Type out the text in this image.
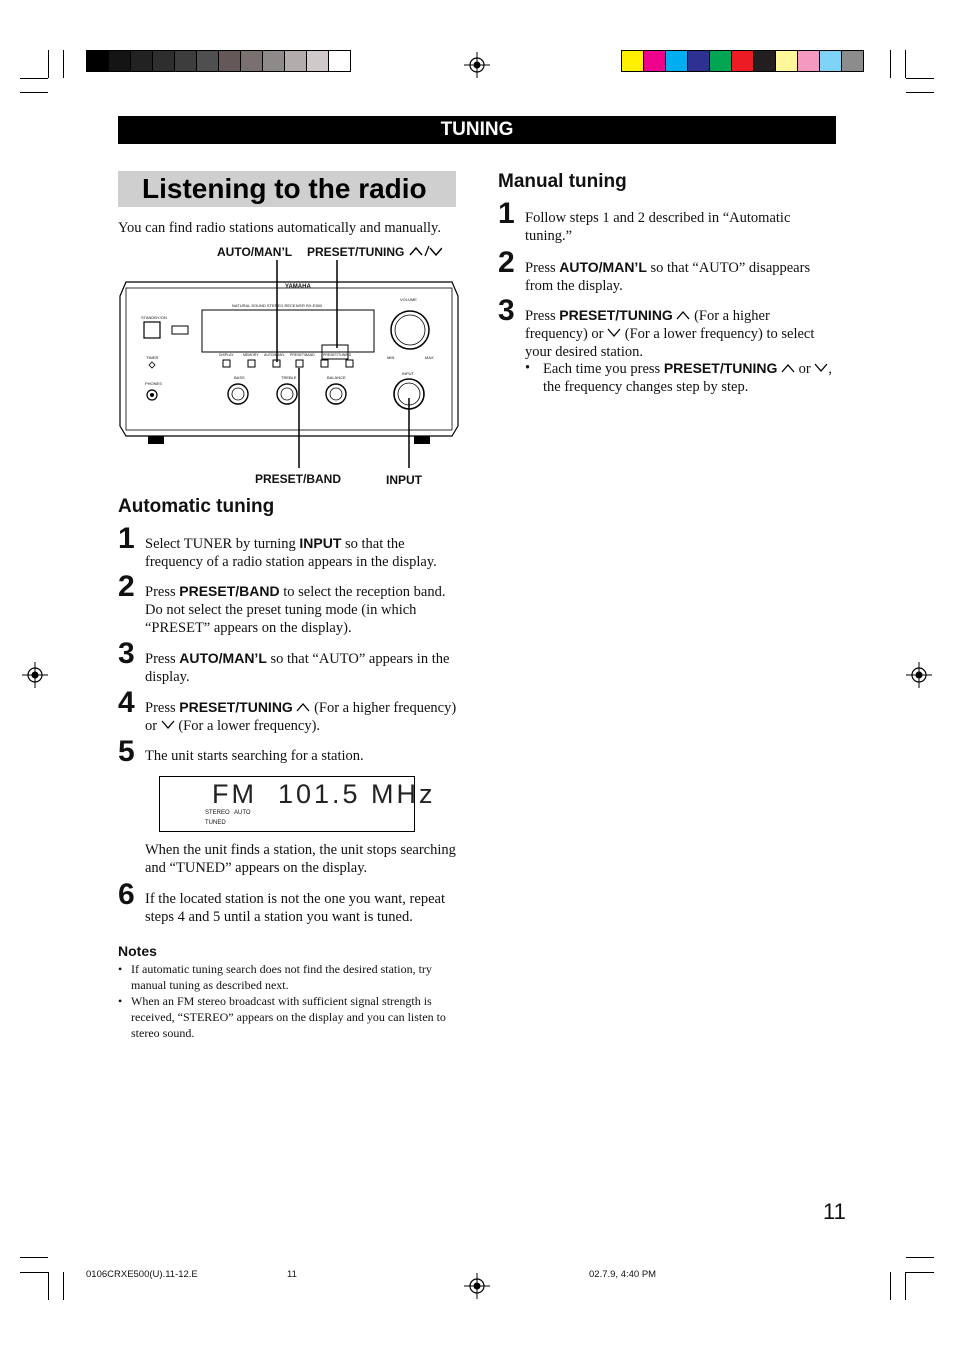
TUNING
Listening to the radio
You can find radio stations automatically and manually.
AUTO/MAN’L PRESET/TUNING
YAMAHA
NATURAL SOUND STEREO RECEIVER RX-E500
STANDBY/ON
TIMER
PHONES
VOLUME
MIN	MAX
INPUT
BASS	TREBLE	BALANCE
DISPLAY	MEMORY AUTO/MAN'L PRESET/BAND PRESET/TUNING
PRESET/BAND	INPUT
Automatic tuning
1 Select TUNER by turning INPUT so that the frequency of a radio station appears in the display.
2 Press PRESET/BAND to select the reception band. Do not select the preset tuning mode (in which “PRESET” appears on the display).
3 Press AUTO/MAN’L so that “AUTO” appears in the display.
4 Press PRESET/TUNING  (For a higher frequency) or  (For a lower frequency).
5 The unit starts searching for a station.
FM  101.5 MHz
STEREO AUTO
TUNED
When the unit finds a station, the unit stops searching and “TUNED” appears on the display.
6 If the located station is not the one you want, repeat steps 4 and 5 until a station you want is tuned.
Notes
• If automatic tuning search does not find the desired station, try manual tuning as described next.
• When an FM stereo broadcast with sufficient signal strength is received, “STEREO” appears on the display and you can listen to stereo sound.
Manual tuning
1 Follow steps 1 and 2 described in “Automatic tuning.”
2 Press AUTO/MAN’L so that “AUTO” disappears from the display.
3 Press PRESET/TUNING  (For a higher frequency) or  (For a lower frequency) to select your desired station.
• Each time you press PRESET/TUNING  or , the frequency changes step by step.
11
0106CRXE500(U).11-12.E	11	02.7.9, 4:40 PM
